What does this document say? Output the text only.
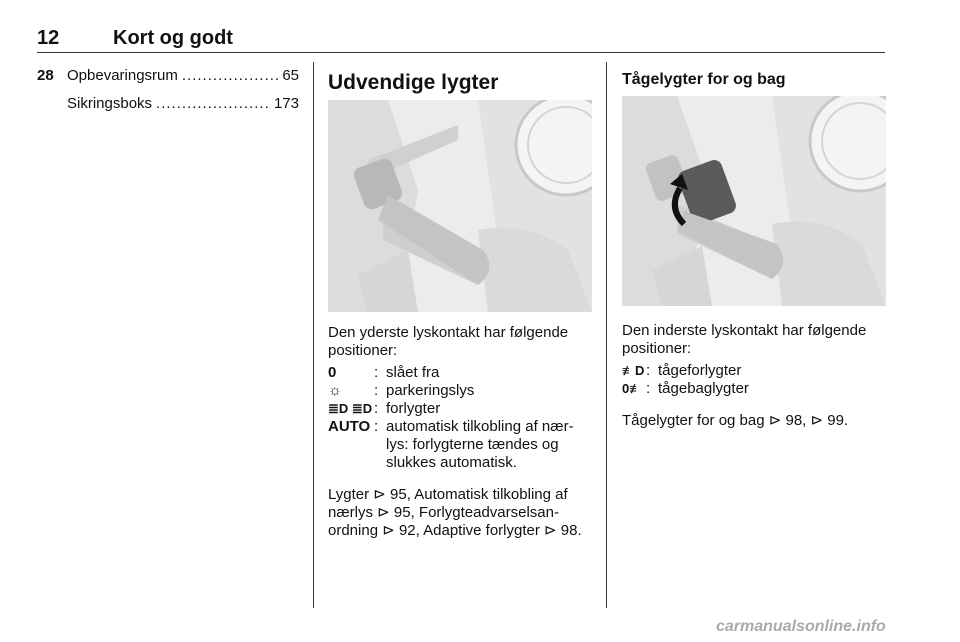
12	Kort og godt
28 Opbevaringsrum .....	65
Sikringsboks .....	173
Udvendige lygter
Den yderste lyskontakt har følgende positioner:
0	: slået fra
☼	: parkeringslys
≣D ≣D : forlygter
AUTO : automatisk tilkobling af nær-lys: forlygterne tændes og slukkes automatisk.
Lygter ⊳ 95, Automatisk tilkobling af nærlys ⊳ 95, Forlygteadvarselsan-ordning ⊳ 92, Adaptive forlygter ⊳ 98.
Tågelygter for og bag
Den inderste lyskontakt har følgende positioner:
≢D : tågeforlygter
0≢ : tågebaglygter
Tågelygter for og bag ⊳ 98, ⊳ 99.
carmanualsonline.info
